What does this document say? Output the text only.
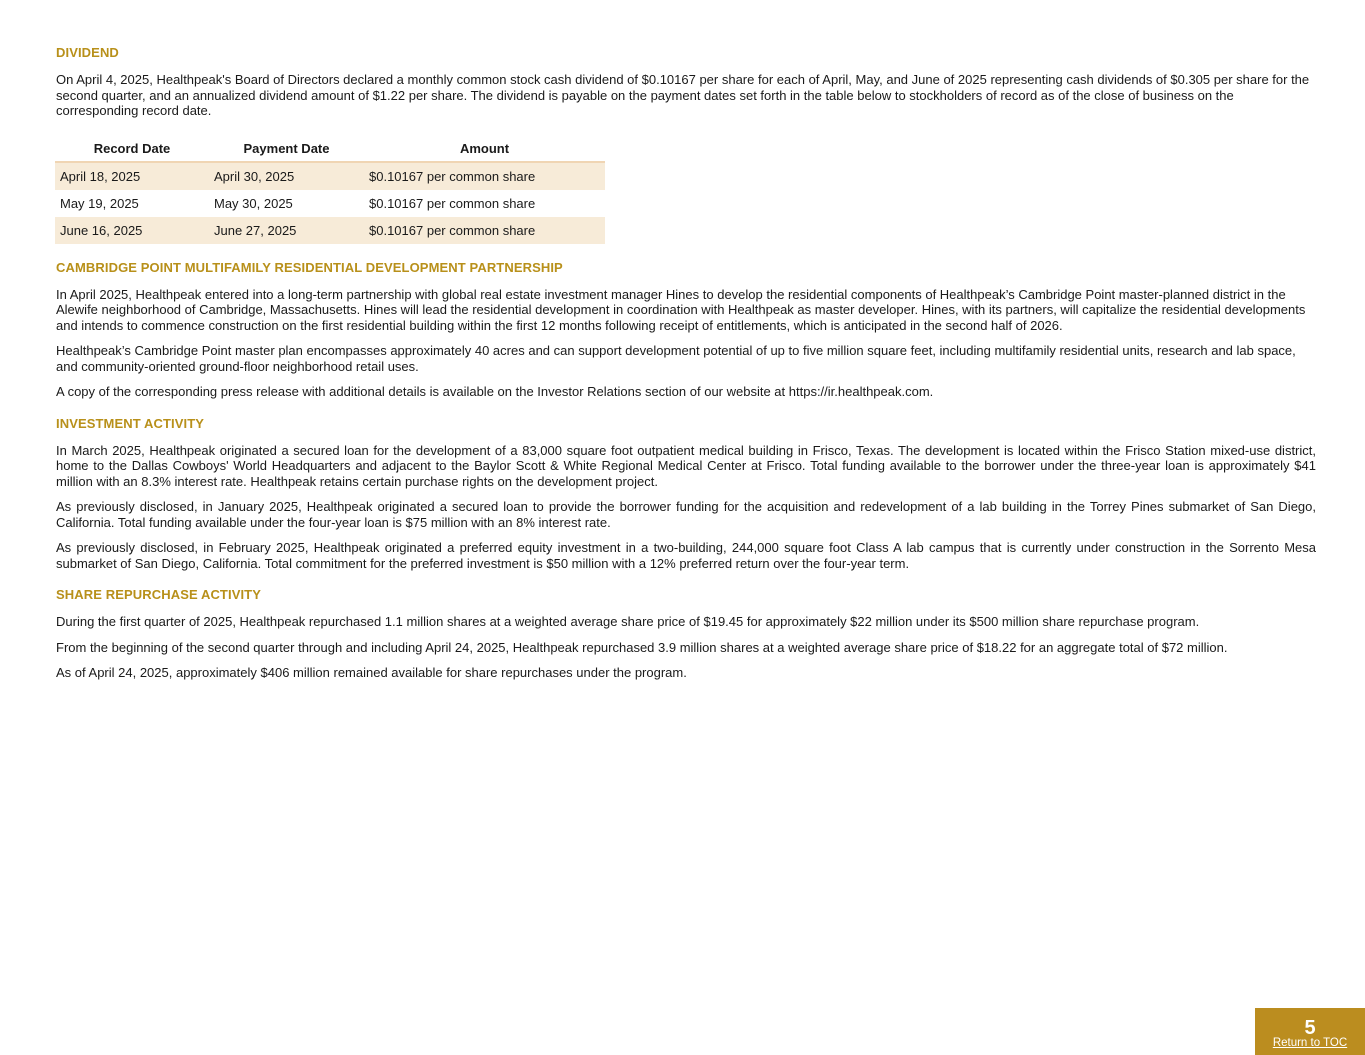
DIVIDEND

On April 4, 2025, Healthpeak's Board of Directors declared a monthly common stock cash dividend of $0.10167 per share for each of April, May, and June of 2025 representing cash dividends of $0.305 per share for the second quarter, and an annualized dividend amount of $1.22 per share. The dividend is payable on the payment dates set forth in the table below to stockholders of record as of the close of business on the corresponding record date.

Record Date	Payment Date	Amount
April 18, 2025	April 30, 2025	$0.10167 per common share
May 19, 2025	May 30, 2025	$0.10167 per common share
June 16, 2025	June 27, 2025	$0.10167 per common share
CAMBRIDGE POINT MULTIFAMILY RESIDENTIAL DEVELOPMENT PARTNERSHIP

In April 2025, Healthpeak entered into a long-term partnership with global real estate investment manager Hines to develop the residential components of Healthpeak’s Cambridge Point master-planned district in the Alewife neighborhood of Cambridge, Massachusetts. Hines will lead the residential development in coordination with Healthpeak as master developer. Hines, with its partners, will capitalize the residential developments and intends to commence construction on the first residential building within the first 12 months following receipt of entitlements, which is anticipated in the second half of 2026.

Healthpeak’s Cambridge Point master plan encompasses approximately 40 acres and can support development potential of up to five million square feet, including multifamily residential units, research and lab space, and community-oriented ground-floor neighborhood retail uses.

A copy of the corresponding press release with additional details is available on the Investor Relations section of our website at https://ir.healthpeak.com.

INVESTMENT ACTIVITY

In March 2025, Healthpeak originated a secured loan for the development of a 83,000 square foot outpatient medical building in Frisco, Texas. The development is located within the Frisco Station mixed-use district, home to the Dallas Cowboys' World Headquarters and adjacent to the Baylor Scott & White Regional Medical Center at Frisco. Total funding available to the borrower under the three-year loan is approximately $41 million with an 8.3% interest rate. Healthpeak retains certain purchase rights on the development project.

As previously disclosed, in January 2025, Healthpeak originated a secured loan to provide the borrower funding for the acquisition and redevelopment of a lab building in the Torrey Pines submarket of San Diego, California. Total funding available under the four-year loan is $75 million with an 8% interest rate.

As previously disclosed, in February 2025, Healthpeak originated a preferred equity investment in a two-building, 244,000 square foot Class A lab campus that is currently under construction in the Sorrento Mesa submarket of San Diego, California. Total commitment for the preferred investment is $50 million with a 12% preferred return over the four-year term.

SHARE REPURCHASE ACTIVITY

During the first quarter of 2025, Healthpeak repurchased 1.1 million shares at a weighted average share price of $19.45 for approximately $22 million under its $500 million share repurchase program.

From the beginning of the second quarter through and including April 24, 2025, Healthpeak repurchased 3.9 million shares at a weighted average share price of $18.22 for an aggregate total of $72 million.

As of April 24, 2025, approximately $406 million remained available for share repurchases under the program.

5
Return to TOC
